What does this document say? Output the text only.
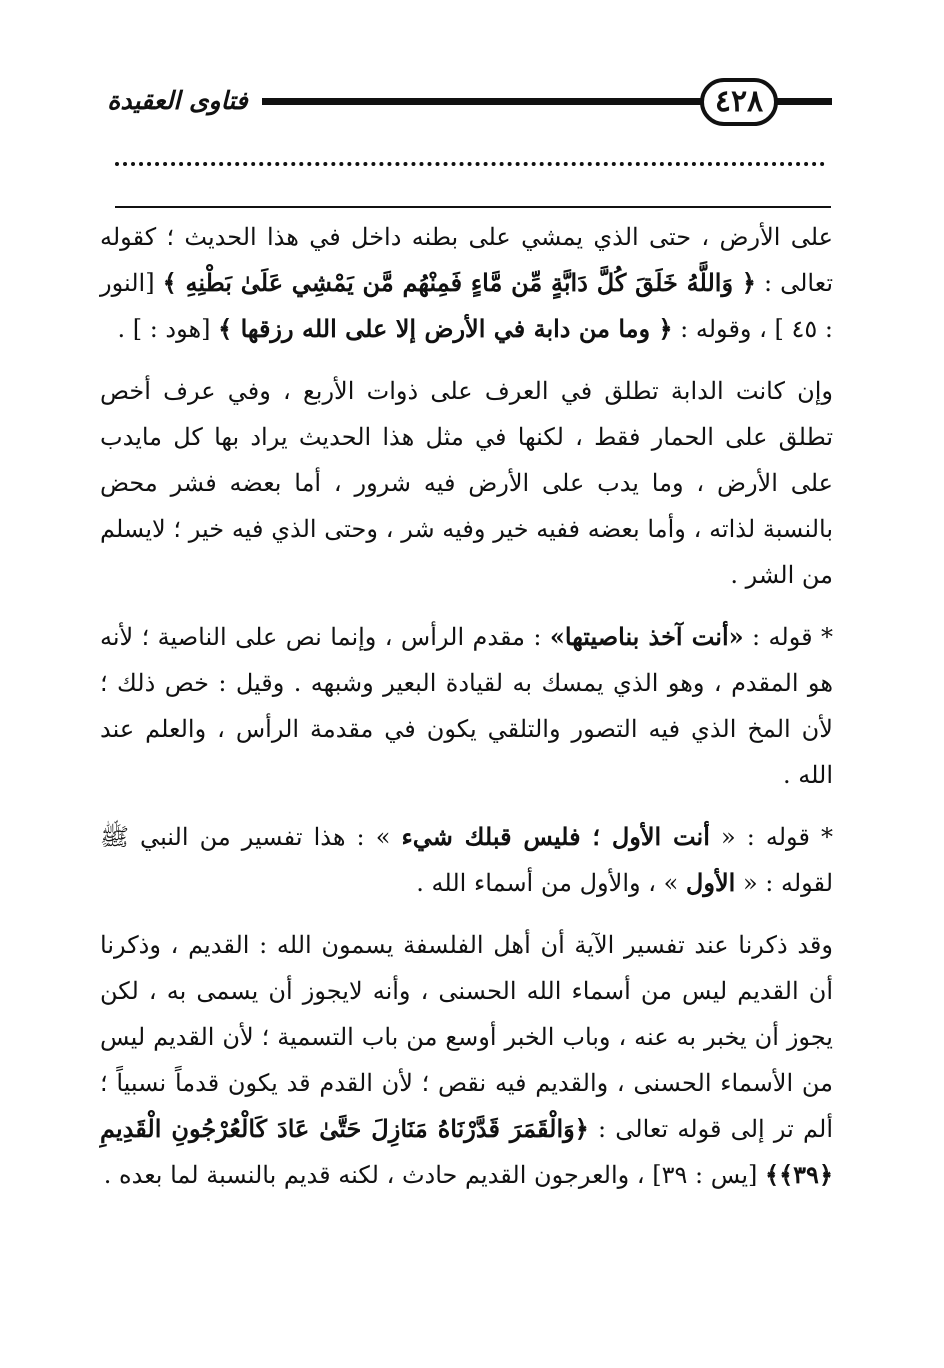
٤٢٨
فتاوى العقيدة

على الأرض ، حتى الذي يمشي على بطنه داخل في هذا الحديث ؛ كقوله تعالى : ﴿ وَاللَّهُ خَلَقَ كُلَّ دَابَّةٍ مِّن مَّاءٍ فَمِنْهُم مَّن يَمْشِي عَلَىٰ بَطْنِهِ ﴾ [النور : ٤٥ ] ، وقوله : ﴿ وما من دابة في الأرض إلا على الله رزقها ﴾ [هود : ] .

وإن كانت الدابة تطلق في العرف على ذوات الأربع ، وفي عرف أخص تطلق على الحمار فقط ، لكنها في مثل هذا الحديث يراد بها كل مايدب على الأرض ، وما يدب على الأرض فيه شرور ، أما بعضه فشر محض بالنسبة لذاته ، وأما بعضه ففيه خير وفيه شر ، وحتى الذي فيه خير ؛ لايسلم من الشر .

* قوله : «أنت آخذ بناصيتها» : مقدم الرأس ، وإنما نص على الناصية ؛ لأنه هو المقدم ، وهو الذي يمسك به لقيادة البعير وشبهه . وقيل : خص ذلك ؛ لأن المخ الذي فيه التصور والتلقي يكون في مقدمة الرأس ، والعلم عند الله .

* قوله : « أنت الأول ؛ فليس قبلك شيء » : هذا تفسير من النبي ﷺ لقوله : « الأول » ، والأول من أسماء الله .

وقد ذكرنا عند تفسير الآية أن أهل الفلسفة يسمون الله : القديم ، وذكرنا أن القديم ليس من أسماء الله الحسنى ، وأنه لايجوز أن يسمى به ، لكن يجوز أن يخبر به عنه ، وباب الخبر أوسع من باب التسمية ؛ لأن القديم ليس من الأسماء الحسنى ، والقديم فيه نقص ؛ لأن القدم قد يكون قدماً نسبياً ؛ ألم تر إلى قوله تعالى : ﴿وَالْقَمَرَ قَدَّرْنَاهُ مَنَازِلَ حَتَّىٰ عَادَ كَالْعُرْجُونِ الْقَدِيمِ ﴿٣٩﴾﴾ [يس : ٣٩] ، والعرجون القديم حادث ، لكنه قديم بالنسبة لما بعده .
